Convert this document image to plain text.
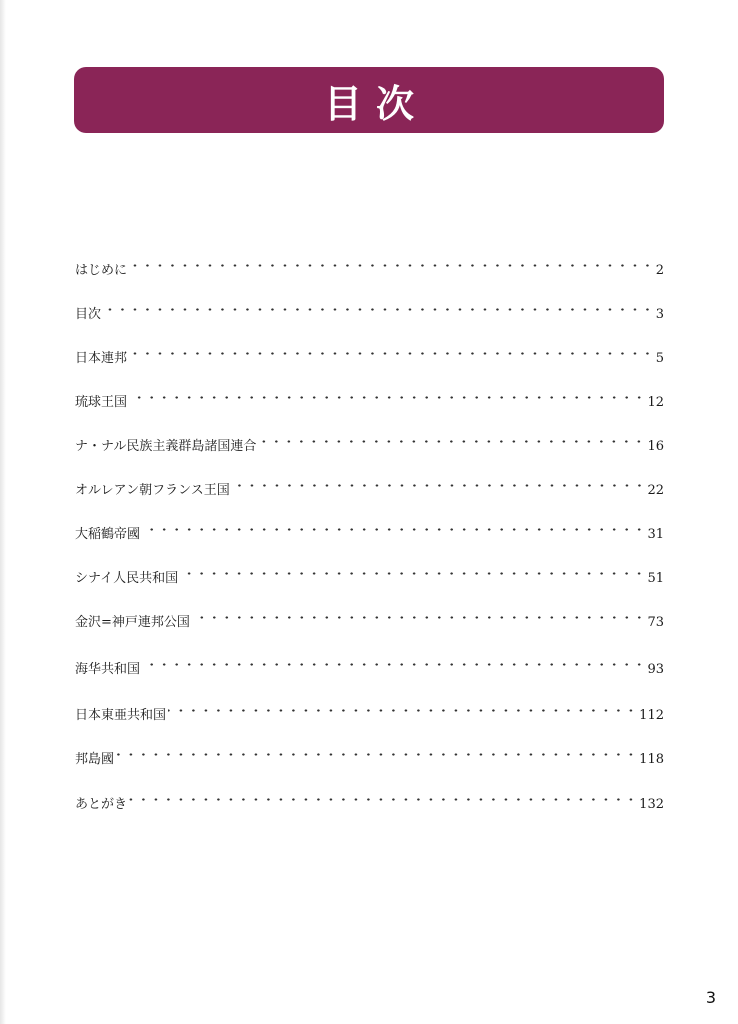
目次
はじめに	2
目次	3
日本連邦	5
琉球王国	12
ナ・ナル民族主義群島諸国連合	16
オルレアン朝フランス王国	22
大稲鶴帝國	31
シナイ人民共和国	51
金沢=神戸連邦公国	73
海华共和国	93
日本東亜共和国	112
邦島國	118
あとがき	132
3
